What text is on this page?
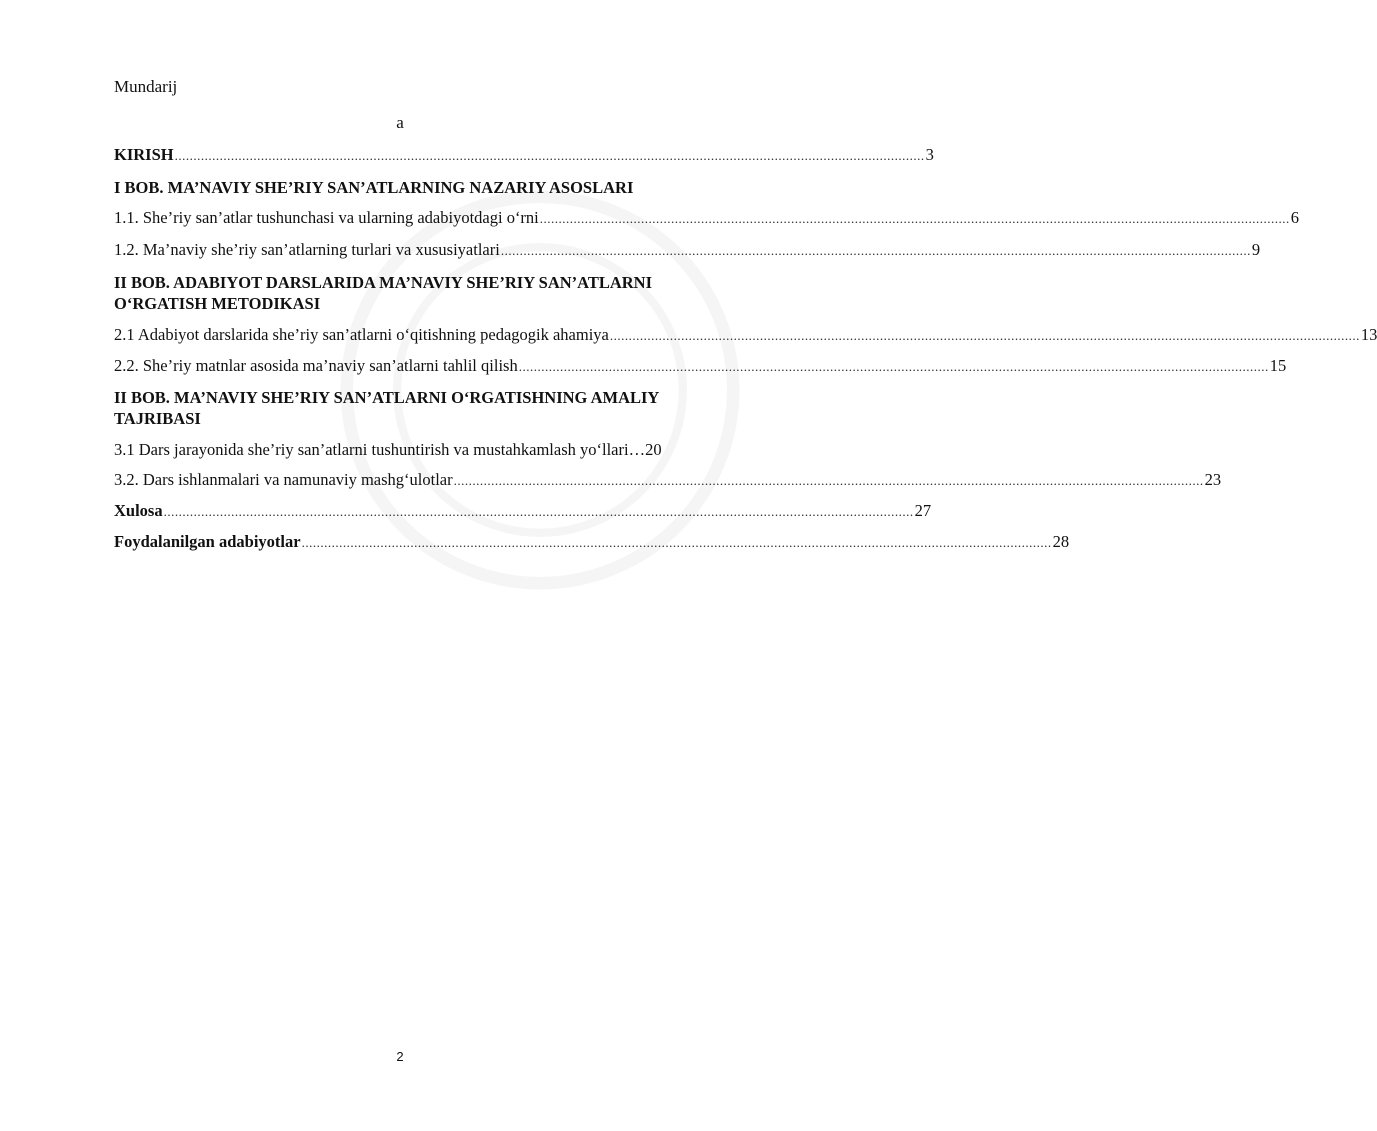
Mundarij
a
KIRISH ........................................................................................................................................................................................................ 3
I BOB. MA’NAVIY SHE’RIY SAN’ATLARNING NAZARIY ASOSLARI
1.1. She’riy san’atlar tushunchasi va ularning adabiyotdagi o‘rni ........................................................................................................................................................................................................ 6
1.2. Ma’naviy she’riy san’atlarning turlari va xususiyatlari ........................................................................................................................................................................................................ 9
II BOB. ADABIYOT DARSLARIDA MA’NAVIY SHE’RIY SAN’ATLARNI O‘RGATISH METODIKASI
2.1 Adabiyot darslarida she’riy san’atlarni o‘qitishning pedagogik ahamiya ........................................................................................................................................................................................................ 13
2.2. She’riy matnlar asosida ma’naviy san’atlarni tahlil qilish ........................................................................................................................................................................................................ 15
II BOB. MA’NAVIY SHE’RIY SAN’ATLARNI O‘RGATISHNING AMALIY TAJRIBASI
3.1 Dars jarayonida she’riy san’atlarni tushuntirish va mustahkamlash yo‘llari… 20
3.2. Dars ishlanmalari va namunaviy mashg‘ulotlar ........................................................................................................................................................................................................ 23
Xulosa ........................................................................................................................................................................................................ 27
Foydalanilgan adabiyotlar ........................................................................................................................................................................................................ 28
2
